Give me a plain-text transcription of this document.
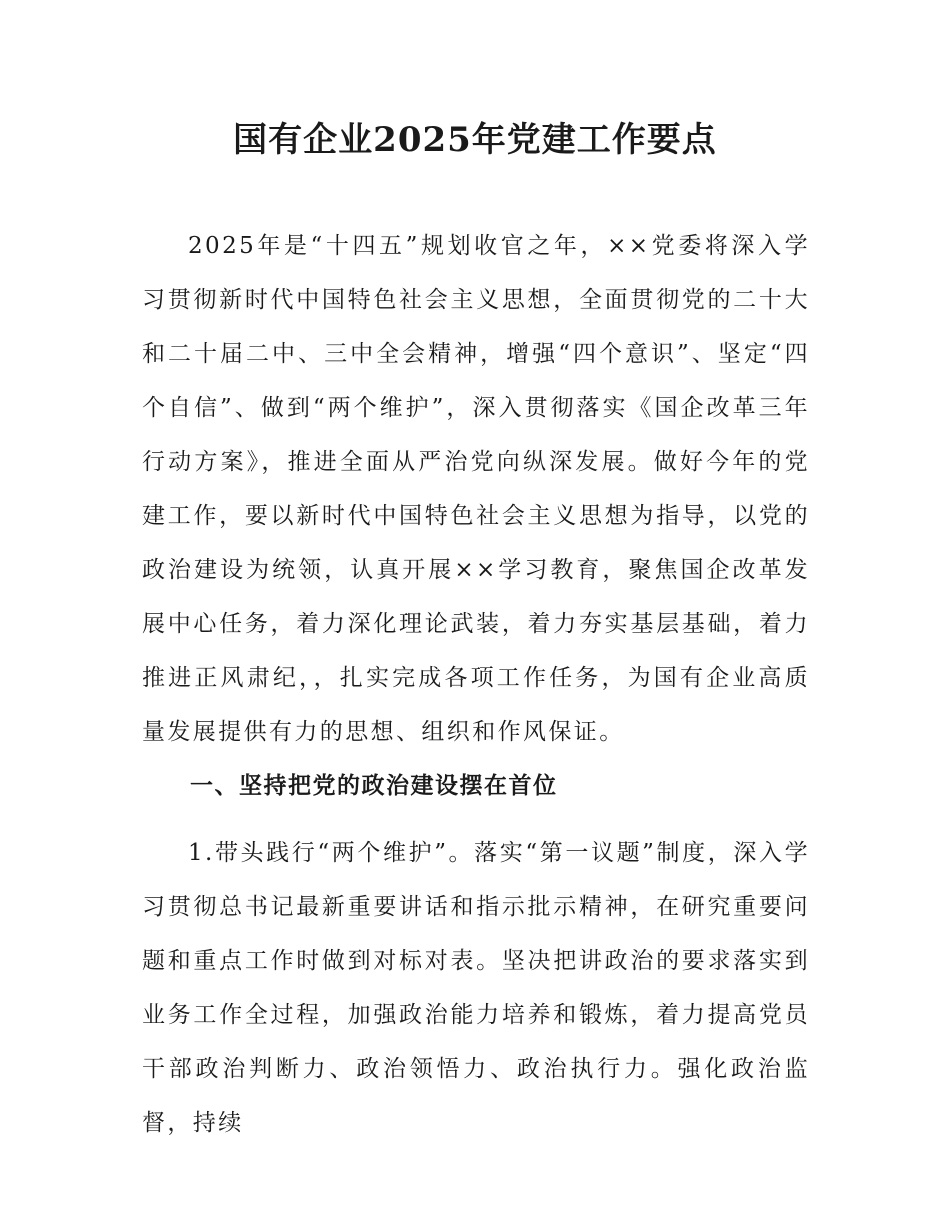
国有企业2025年党建工作要点

2025年是“十四五”规划收官之年，××党委将深入学习贯彻新时代中国特色社会主义思想，全面贯彻党的二十大和二十届二中、三中全会精神，增强“四个意识”、坚定“四个自信”、做到“两个维护”，深入贯彻落实《国企改革三年行动方案》，推进全面从严治党向纵深发展。做好今年的党建工作，要以新时代中国特色社会主义思想为指导，以党的政治建设为统领，认真开展××学习教育，聚焦国企改革发展中心任务，着力深化理论武装，着力夯实基层基础，着力推进正风肃纪，，扎实完成各项工作任务，为国有企业高质量发展提供有力的思想、组织和作风保证。

一、坚持把党的政治建设摆在首位

1.带头践行“两个维护”。落实“第一议题”制度，深入学习贯彻总书记最新重要讲话和指示批示精神，在研究重要问题和重点工作时做到对标对表。坚决把讲政治的要求落实到业务工作全过程，加强政治能力培养和锻炼，着力提高党员干部政治判断力、政治领悟力、政治执行力。强化政治监督，持续
